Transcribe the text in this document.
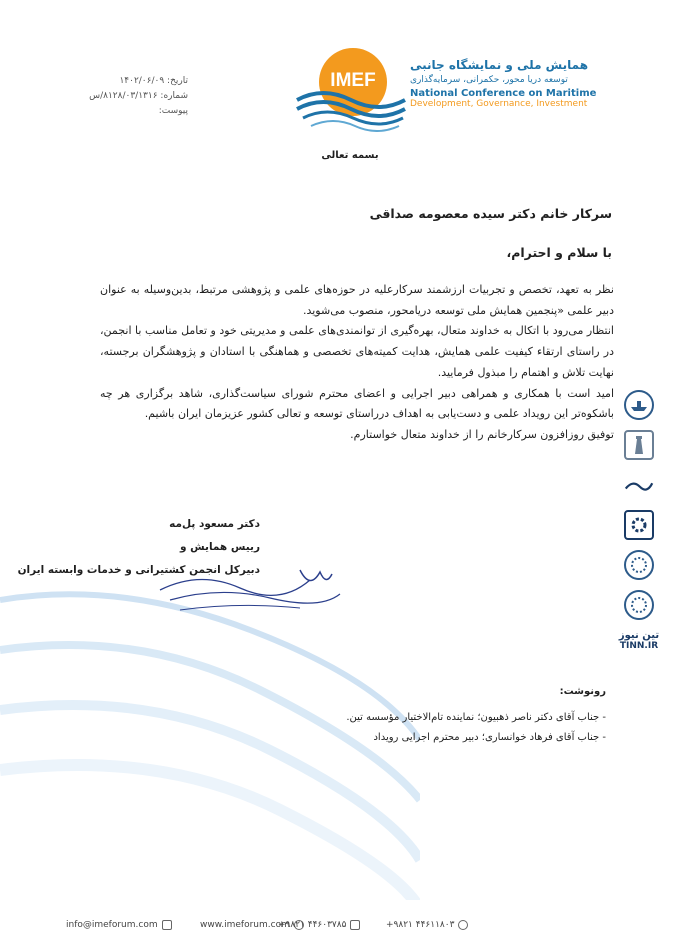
تاریخ: ۱۴۰۲/۰۶/۰۹
شماره: ۸۱۲۸/۰۳/۱۳۱۶/س
پیوست:
IMEF
همایش ملی و نمایشگاه جانبی
توسعه دریا محور، حکمرانی، سرمایه‌گذاری
National Conference on Maritime
Development, Governance, Investment
بسمه تعالی
سرکار خانم دکتر سیده معصومه صداقی
با سلام و احترام،

نظر به تعهد، تخصص و تجربیات ارزشمند سرکارعلیه در حوزه‌های علمی و پژوهشی مرتبط، بدین‌وسیله به عنوان دبیر علمی «پنجمین همایش ملی توسعه دریامحور، منصوب می‌شوید.

انتظار می‌رود با اتکال به خداوند متعال، بهره‌گیری از توانمندی‌های علمی و مدیریتی خود و تعامل مناسب با انجمن، در راستای ارتقاء کیفیت علمی همایش، هدایت کمیته‌های تخصصی و هماهنگی با استادان و پژوهشگران برجسته، نهایت تلاش و اهتمام را مبذول فرمایید.

امید است با همکاری و همراهی دبیر اجرایی و اعضای محترم شورای سیاست‌گذاری، شاهد برگزاری هر چه باشکوه‌تر این رویداد علمی و دست‌یابی به اهداف درراستای توسعه و تعالی کشور عزیزمان ایران باشیم.

توفیق روزافزون سرکارخانم را از خداوند متعال خواستارم.

دکتر مسعود پل‌مه
رییس همایش و
دبیرکل انجمن کشتیرانی و خدمات وابسته ایران
رونوشت:
- جناب آقای دکتر ناصر ذهبیون؛ نماینده تام‌الاختیار مؤسسه تین.
- جناب آقای فرهاد خوانساری؛ دبیر محترم اجرایی رویداد
تین نیوز
TINN.IR
info@imeforum.com	www.imeforum.com
+۹۸۲۱ ۴۴۶۰۳۷۸۵	+۹۸۲۱ ۴۴۶۱۱۸۰۳
